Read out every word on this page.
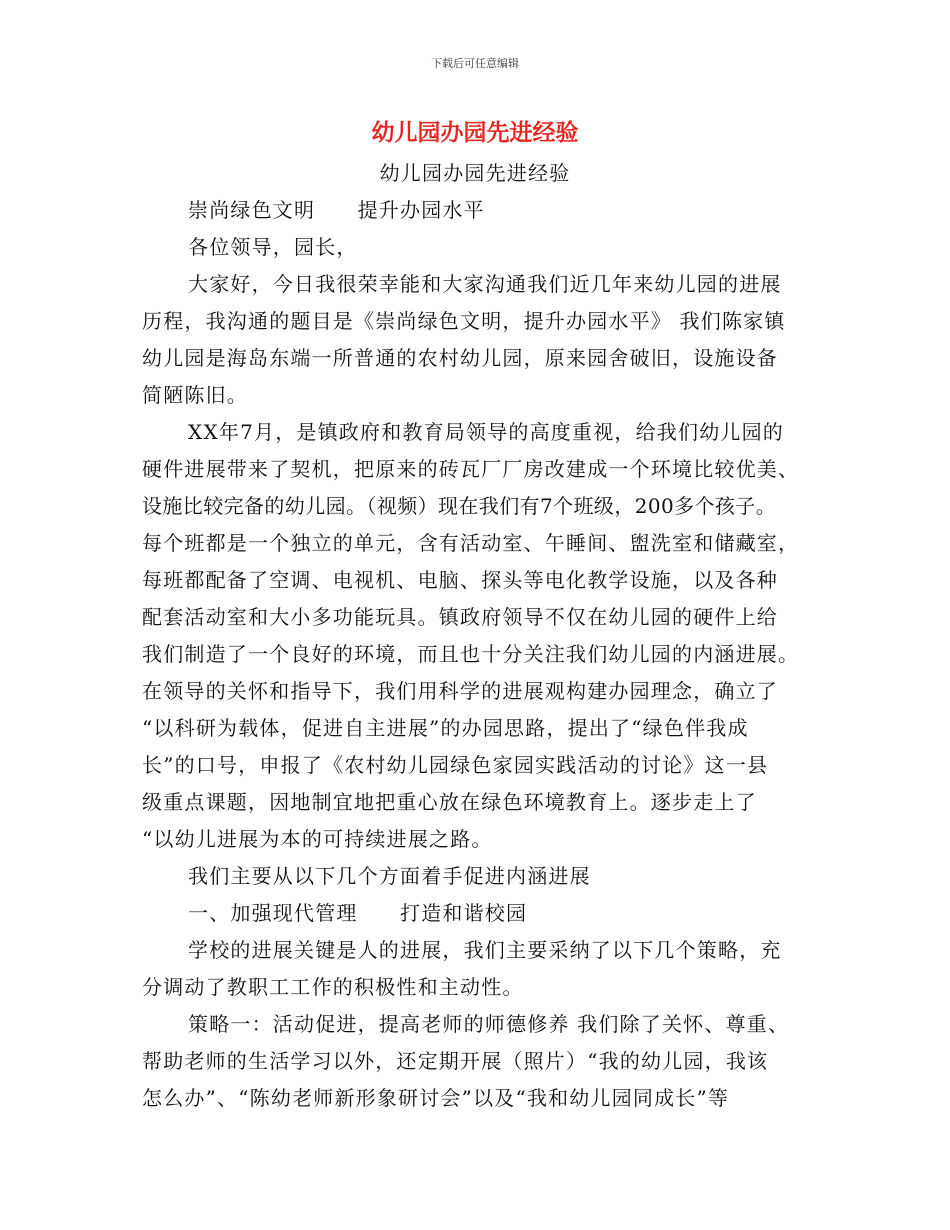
下载后可任意编辑
幼儿园办园先进经验
幼儿园办园先进经验
崇尚绿色文明　　提升办园水平
各位领导，园长，
大家好，今日我很荣幸能和大家沟通我们近几年来幼儿园的进展
历程，我沟通的题目是《崇尚绿色文明，提升办园水平》 我们陈家镇
幼儿园是海岛东端一所普通的农村幼儿园，原来园舍破旧，设施设备
简陋陈旧。
XX年7月，是镇政府和教育局领导的高度重视，给我们幼儿园的
硬件进展带来了契机，把原来的砖瓦厂厂房改建成一个环境比较优美、
设施比较完备的幼儿园。（视频）现在我们有7个班级，200多个孩子。
每个班都是一个独立的单元，含有活动室、午睡间、盥洗室和储藏室，
每班都配备了空调、电视机、电脑、探头等电化教学设施，以及各种
配套活动室和大小多功能玩具。镇政府领导不仅在幼儿园的硬件上给
我们制造了一个良好的环境，而且也十分关注我们幼儿园的内涵进展。
在领导的关怀和指导下，我们用科学的进展观构建办园理念，确立了
“以科研为载体，促进自主进展”的办园思路，提出了“绿色伴我成
长”的口号，申报了《农村幼儿园绿色家园实践活动的讨论》这一县
级重点课题，因地制宜地把重心放在绿色环境教育上。逐步走上了
“以幼儿进展为本的可持续进展之路。
我们主要从以下几个方面着手促进内涵进展
一、加强现代管理　　打造和谐校园
学校的进展关键是人的进展，我们主要采纳了以下几个策略，充
分调动了教职工工作的积极性和主动性。
策略一：活动促进，提高老师的师德修养 我们除了关怀、尊重、
帮助老师的生活学习以外，还定期开展（照片）“我的幼儿园，我该
怎么办”、“陈幼老师新形象研讨会”以及“我和幼儿园同成长”等
